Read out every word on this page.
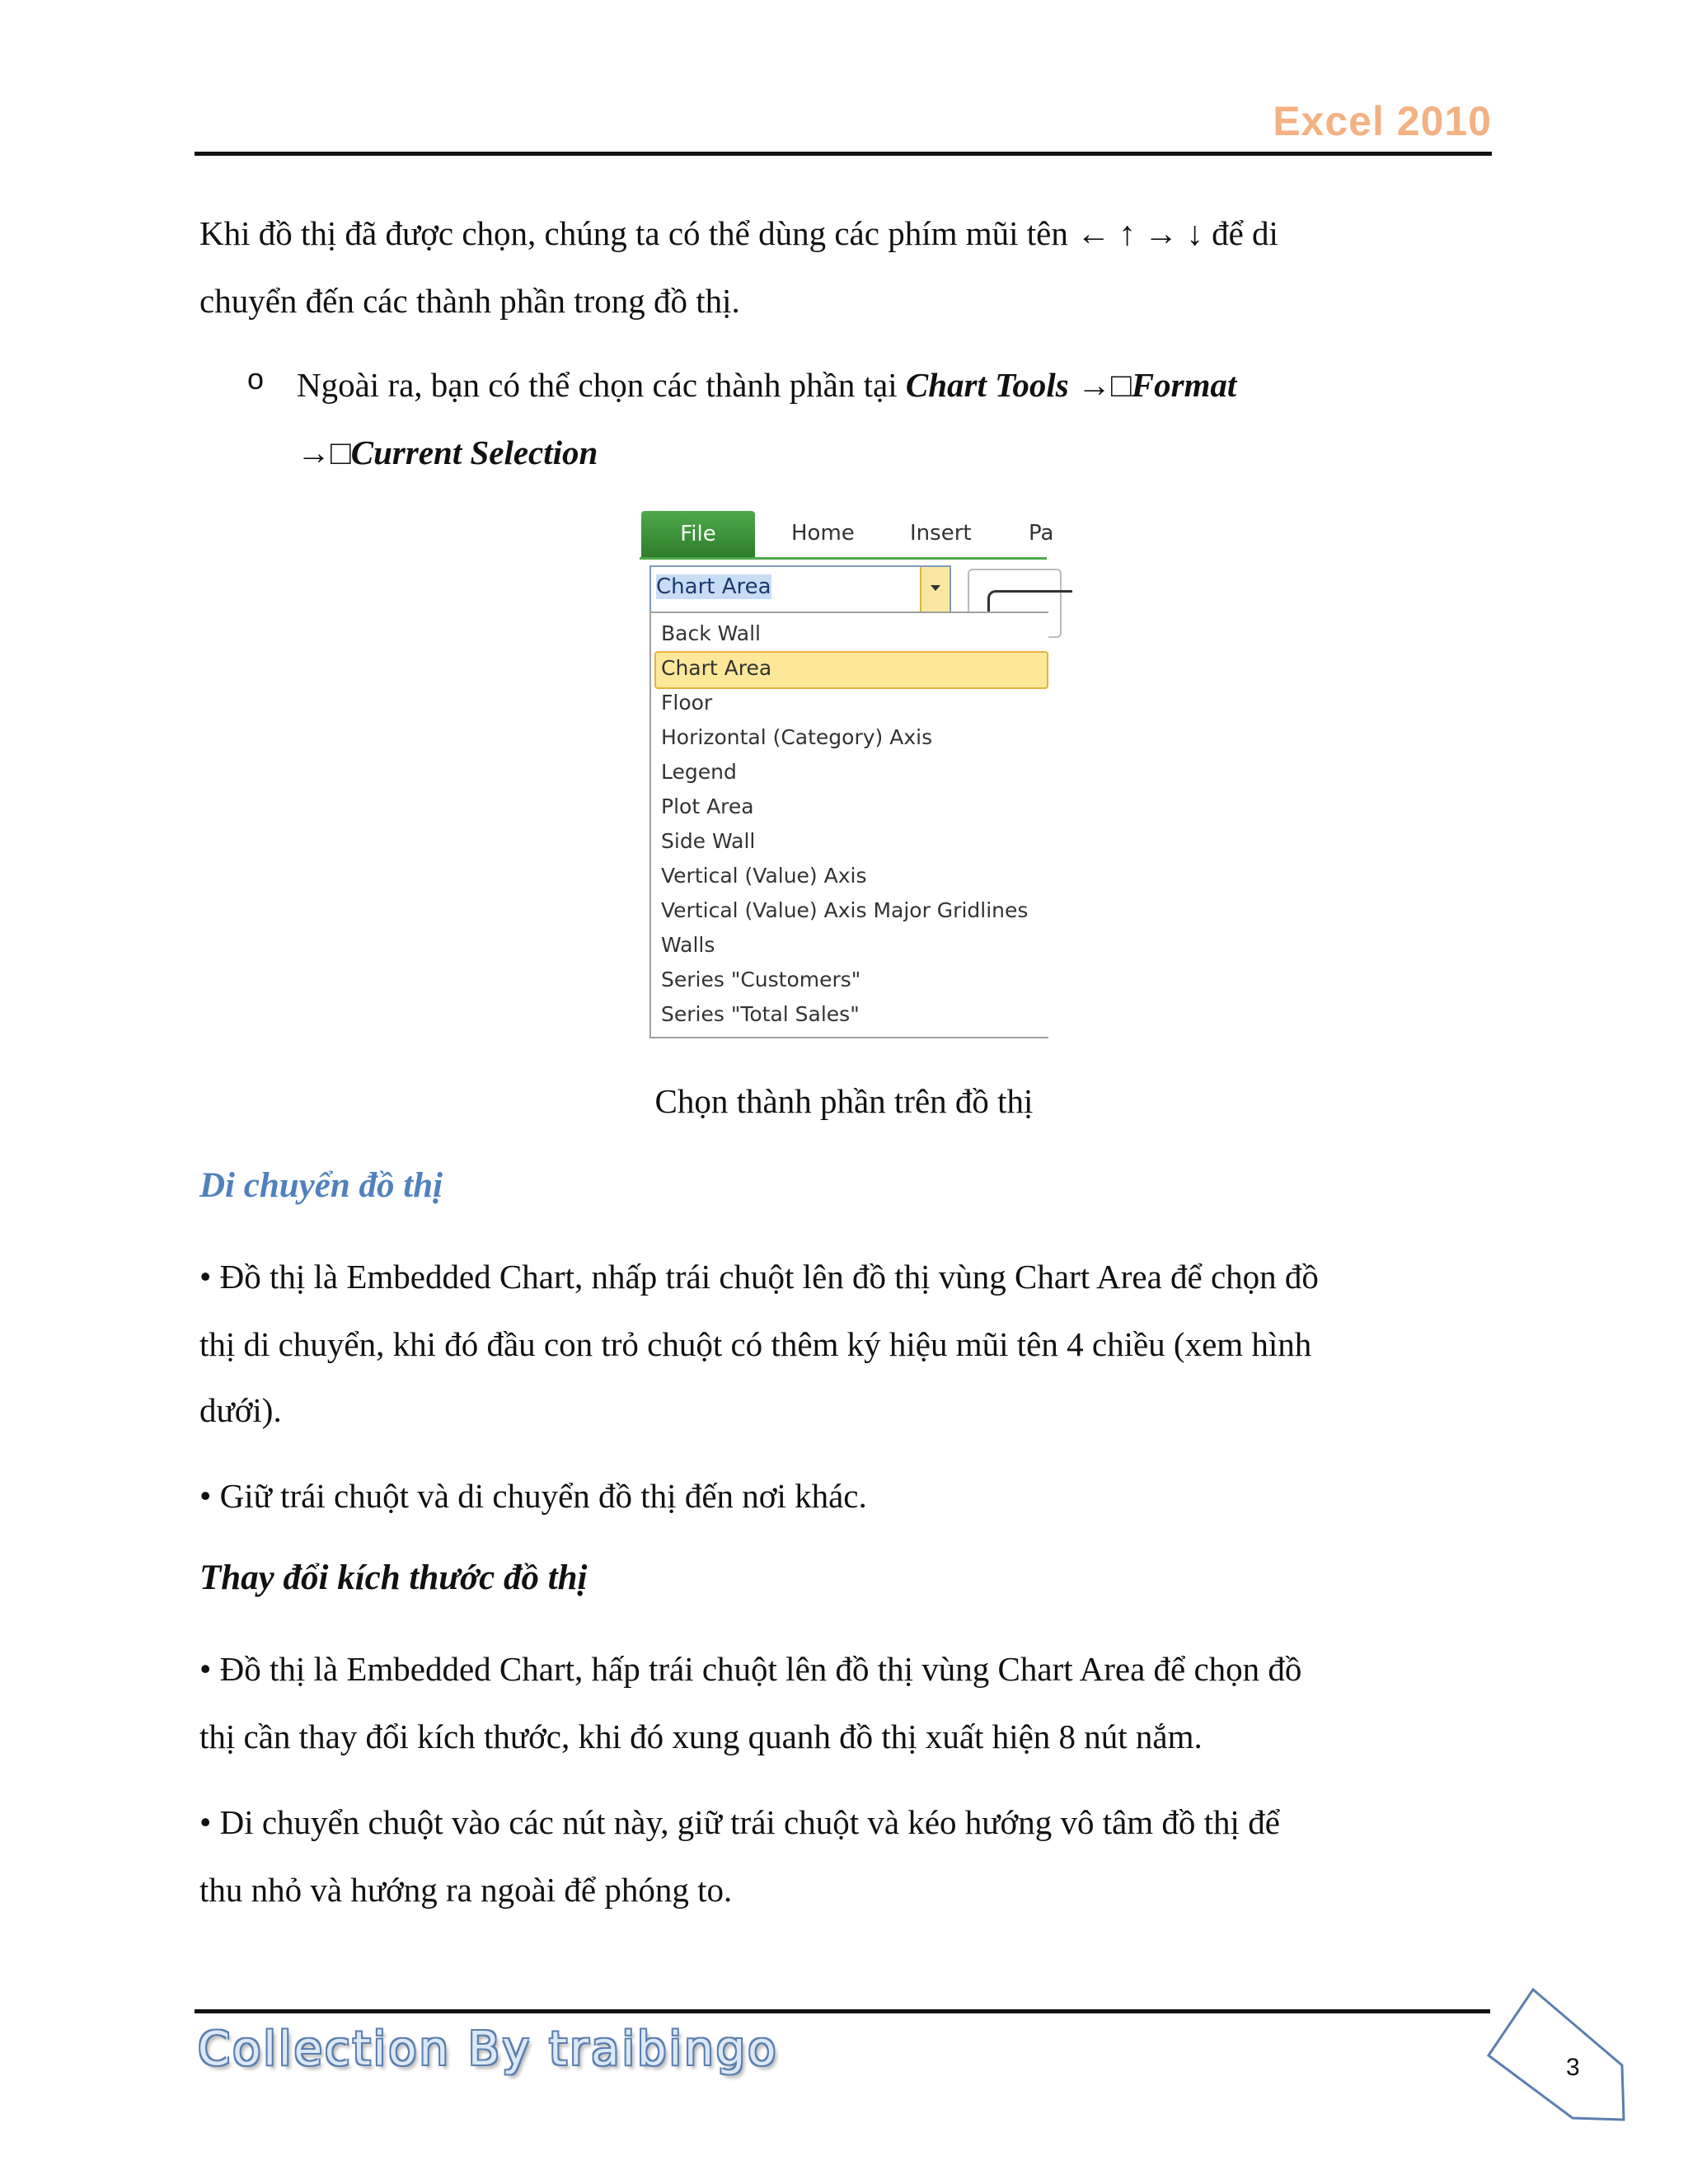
Excel 2010
Khi đồ thị đã được chọn, chúng ta có thể dùng các phím mũi tên ← ↑ → ↓ để di
chuyển đến các thành phần trong đồ thị.
o Ngoài ra, bạn có thể chọn các thành phần tại Chart Tools →□Format
→□Current Selection
File	Home	Insert	Pa
Chart Area
Back Wall
Chart Area
Floor
Horizontal (Category) Axis
Legend
Plot Area
Side Wall
Vertical (Value) Axis
Vertical (Value) Axis Major Gridlines
Walls
Series "Customers"
Series "Total Sales"
Chọn thành phần trên đồ thị
Di chuyển đồ thị
• Đồ thị là Embedded Chart, nhấp trái chuột lên đồ thị vùng Chart Area để chọn đồ
thị di chuyển, khi đó đầu con trỏ chuột có thêm ký hiệu mũi tên 4 chiều (xem hình
dưới).
• Giữ trái chuột và di chuyển đồ thị đến nơi khác.
Thay đổi kích thước đồ thị
• Đồ thị là Embedded Chart, hấp trái chuột lên đồ thị vùng Chart Area để chọn đồ
thị cần thay đổi kích thước, khi đó xung quanh đồ thị xuất hiện 8 nút nắm.
• Di chuyển chuột vào các nút này, giữ trái chuột và kéo hướng vô tâm đồ thị để
thu nhỏ và hướng ra ngoài để phóng to.
Collection By traibingo	3
